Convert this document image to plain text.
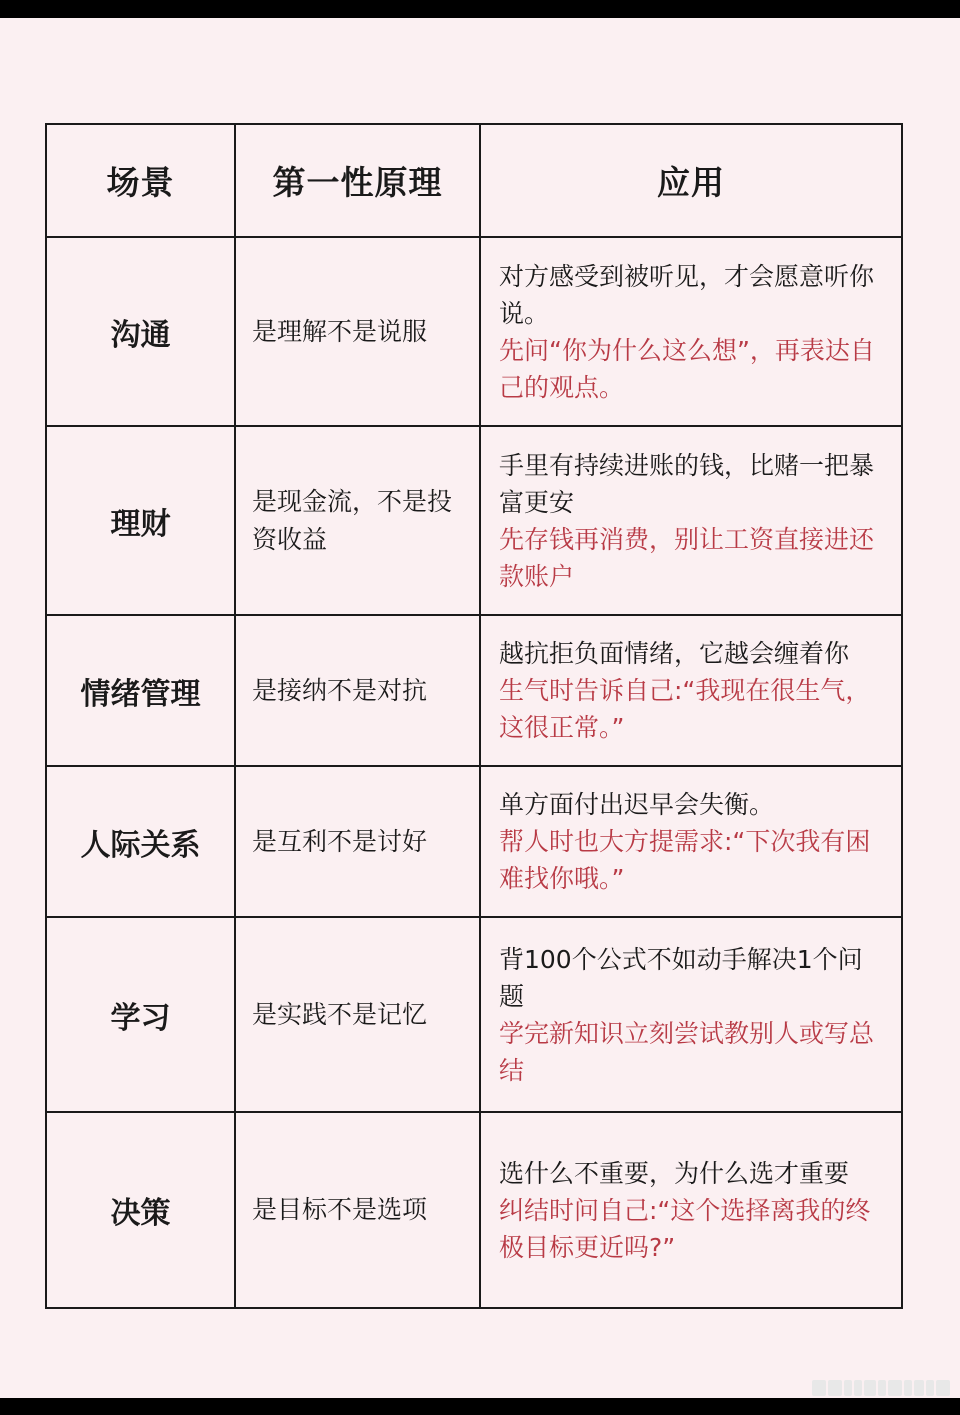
场景	第一性原理	应用
沟通	是理解不是说服	对方感受到被听见，才会愿意听你说。
先问“你为什么这么想”，再表达自己的观点。
理财	是现金流，不是投资收益	手里有持续进账的钱，比赌一把暴富更安
先存钱再消费，别让工资直接进还款账户
情绪管理	是接纳不是对抗	越抗拒负面情绪，它越会缠着你
生气时告诉自己:“我现在很生气，这很正常。”
人际关系	是互利不是讨好	单方面付出迟早会失衡。
帮人时也大方提需求:“下次我有困难找你哦。”
学习	是实践不是记忆	背100个公式不如动手解决1个问题
学完新知识立刻尝试教别人或写总结
决策	是目标不是选项	选什么不重要，为什么选才重要
纠结时问自己:“这个选择离我的终极目标更近吗?”
